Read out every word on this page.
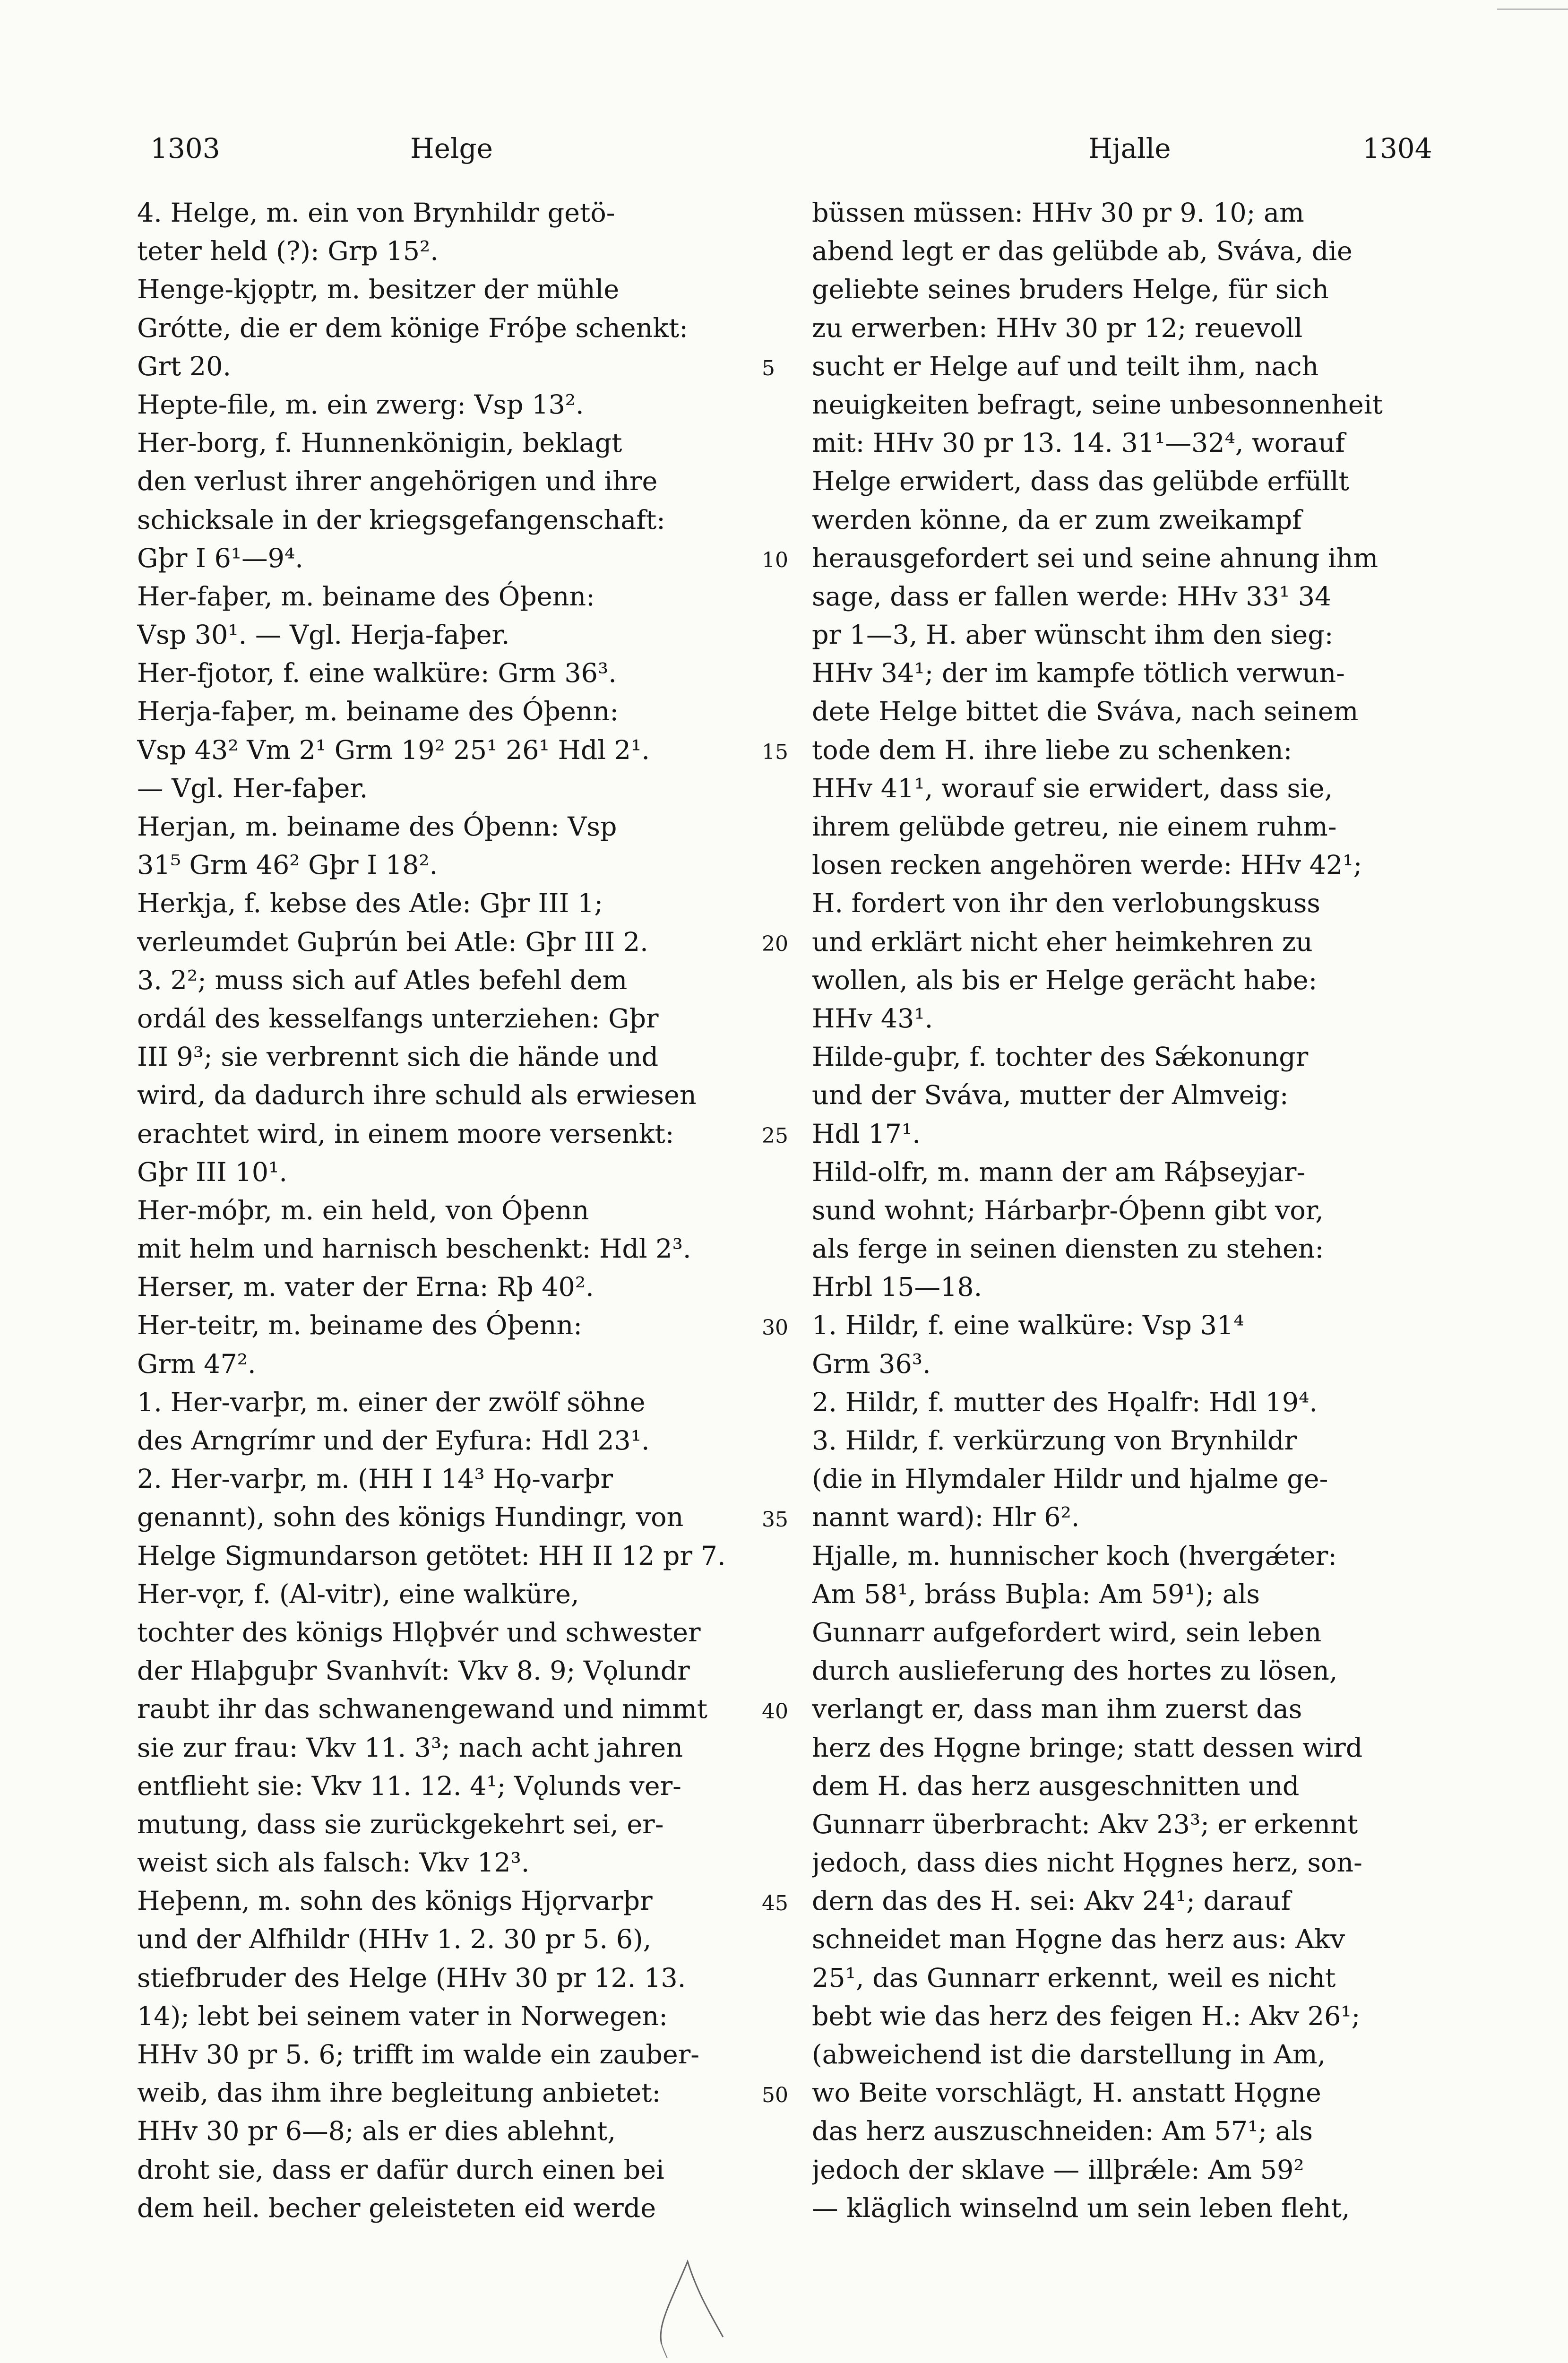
1303	Helge	Hjalle	1304
4. Helge, m. ein von Brynhildr getö-
teter held (?): Grp 15².
Henge-kjǫptr, m. besitzer der mühle
Grótte, die er dem könige Fróþe schenkt:
Grt 20.
Hepte-file, m. ein zwerg: Vsp 13².
Her-borg, f. Hunnenkönigin, beklagt
den verlust ihrer angehörigen und ihre
schicksale in der kriegsgefangenschaft:
Gþr I 6¹—9⁴.
Her-faþer, m. beiname des Óþenn:
Vsp 30¹. — Vgl. Herja-faþer.
Her-fjotor, f. eine walküre: Grm 36³.
Herja-faþer, m. beiname des Óþenn:
Vsp 43² Vm 2¹ Grm 19² 25¹ 26¹ Hdl 2¹.
— Vgl. Her-faþer.
Herjan, m. beiname des Óþenn: Vsp
31⁵ Grm 46² Gþr I 18².
Herkja, f. kebse des Atle: Gþr III 1;
verleumdet Guþrún bei Atle: Gþr III 2.
3. 2²; muss sich auf Atles befehl dem
ordál des kesselfangs unterziehen: Gþr
III 9³; sie verbrennt sich die hände und
wird, da dadurch ihre schuld als erwiesen
erachtet wird, in einem moore versenkt:
Gþr III 10¹.
Her-móþr, m. ein held, von Óþenn
mit helm und harnisch beschenkt: Hdl 2³.
Herser, m. vater der Erna: Rþ 40².
Her-teitr, m. beiname des Óþenn:
Grm 47².
1. Her-varþr, m. einer der zwölf söhne
des Arngrímr und der Eyfura: Hdl 23¹.
2. Her-varþr, m. (HH I 14³ Hǫ-varþr
genannt), sohn des königs Hundingr, von
Helge Sigmundarson getötet: HH II 12 pr 7.
Her-vǫr, f. (Al-vitr), eine walküre,
tochter des königs Hlǫþvér und schwester
der Hlaþguþr Svanhvít: Vkv 8. 9; Vǫlundr
raubt ihr das schwanengewand und nimmt
sie zur frau: Vkv 11. 3³; nach acht jahren
entflieht sie: Vkv 11. 12. 4¹; Vǫlunds ver-
mutung, dass sie zurückgekehrt sei, er-
weist sich als falsch: Vkv 12³.
Heþenn, m. sohn des königs Hjǫrvarþr
und der Alfhildr (HHv 1. 2. 30 pr 5. 6),
stiefbruder des Helge (HHv 30 pr 12. 13.
14); lebt bei seinem vater in Norwegen:
HHv 30 pr 5. 6; trifft im walde ein zauber-
weib, das ihm ihre begleitung anbietet:
HHv 30 pr 6—8; als er dies ablehnt,
droht sie, dass er dafür durch einen bei
dem heil. becher geleisteten eid werde
5
10
15
20
25
30
35
40
45
50
büssen müssen: HHv 30 pr 9. 10; am
abend legt er das gelübde ab, Sváva, die
geliebte seines bruders Helge, für sich
zu erwerben: HHv 30 pr 12; reuevoll
sucht er Helge auf und teilt ihm, nach
neuigkeiten befragt, seine unbesonnenheit
mit: HHv 30 pr 13. 14. 31¹—32⁴, worauf
Helge erwidert, dass das gelübde erfüllt
werden könne, da er zum zweikampf
herausgefordert sei und seine ahnung ihm
sage, dass er fallen werde: HHv 33¹ 34
pr 1—3, H. aber wünscht ihm den sieg:
HHv 34¹; der im kampfe tötlich verwun-
dete Helge bittet die Sváva, nach seinem
tode dem H. ihre liebe zu schenken:
HHv 41¹, worauf sie erwidert, dass sie,
ihrem gelübde getreu, nie einem ruhm-
losen recken angehören werde: HHv 42¹;
H. fordert von ihr den verlobungskuss
und erklärt nicht eher heimkehren zu
wollen, als bis er Helge gerächt habe:
HHv 43¹.
Hilde-guþr, f. tochter des Sǽkonungr
und der Sváva, mutter der Almveig:
Hdl 17¹.
Hild-olfr, m. mann der am Ráþseyjar-
sund wohnt; Hárbarþr-Óþenn gibt vor,
als ferge in seinen diensten zu stehen:
Hrbl 15—18.
1. Hildr, f. eine walküre: Vsp 31⁴
Grm 36³.
2. Hildr, f. mutter des Hǫalfr: Hdl 19⁴.
3. Hildr, f. verkürzung von Brynhildr
(die in Hlymdaler Hildr und hjalme ge-
nannt ward): Hlr 6².
Hjalle, m. hunnischer koch (hvergǽter:
Am 58¹, bráss Buþla: Am 59¹); als
Gunnarr aufgefordert wird, sein leben
durch auslieferung des hortes zu lösen,
verlangt er, dass man ihm zuerst das
herz des Hǫgne bringe; statt dessen wird
dem H. das herz ausgeschnitten und
Gunnarr überbracht: Akv 23³; er erkennt
jedoch, dass dies nicht Hǫgnes herz, son-
dern das des H. sei: Akv 24¹; darauf
schneidet man Hǫgne das herz aus: Akv
25¹, das Gunnarr erkennt, weil es nicht
bebt wie das herz des feigen H.: Akv 26¹;
(abweichend ist die darstellung in Am,
wo Beite vorschlägt, H. anstatt Hǫgne
das herz auszuschneiden: Am 57¹; als
jedoch der sklave — illþrǽle: Am 59²
— kläglich winselnd um sein leben fleht,
